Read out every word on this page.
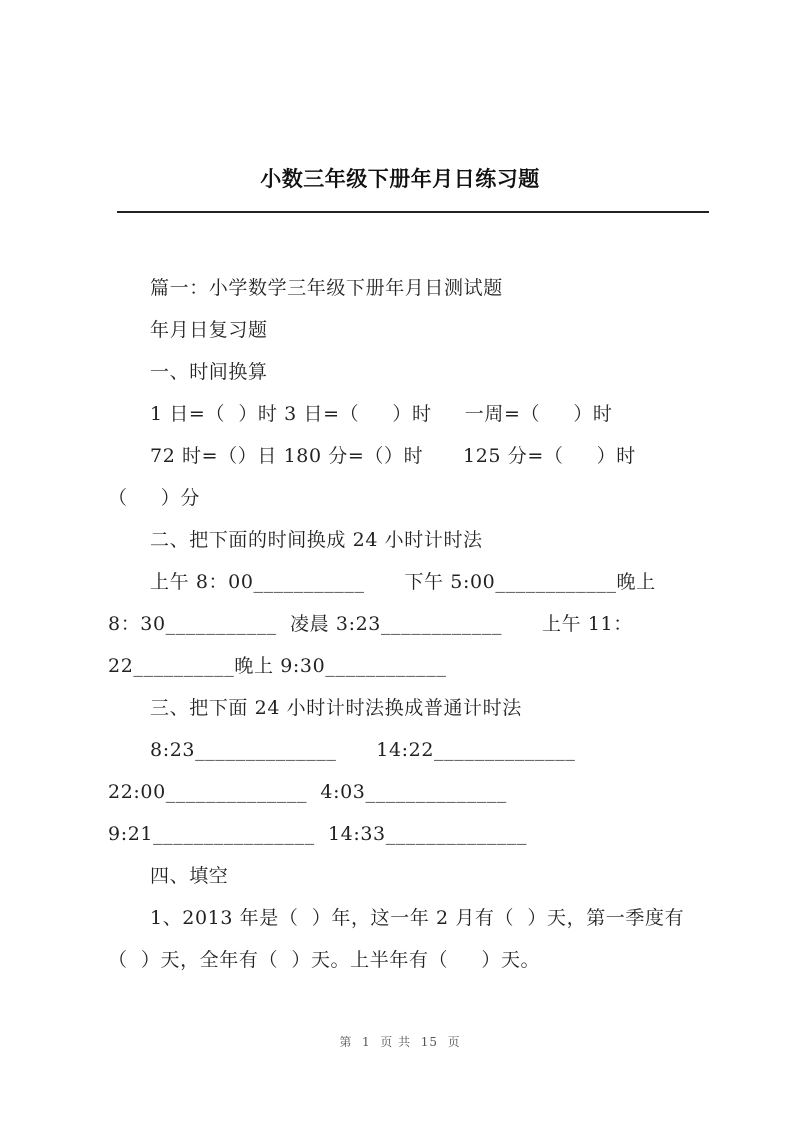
小数三年级下册年月日练习题
篇一：小学数学三年级下册年月日测试题
年月日复习题
一、时间换算
1 日=（  ）时 3 日=（     ）时     一周=（     ）时
72 时=（）日 180 分=（）时      125 分=（     ）时
（     ）分
二、把下面的时间换成 24 小时计时法
上午 8：00___________      下午 5:00____________晚上
8：30___________  凌晨 3:23____________      上午 11：
22__________晚上 9:30____________
三、把下面 24 小时计时法换成普通计时法
8:23______________      14:22______________
22:00______________  4:03______________
9:21________________  14:33______________
四、填空
1、2013 年是（  ）年，这一年 2 月有（  ）天，第一季度有
（  ）天，全年有（  ）天。上半年有（     ）天。
第  1  页 共  15  页
